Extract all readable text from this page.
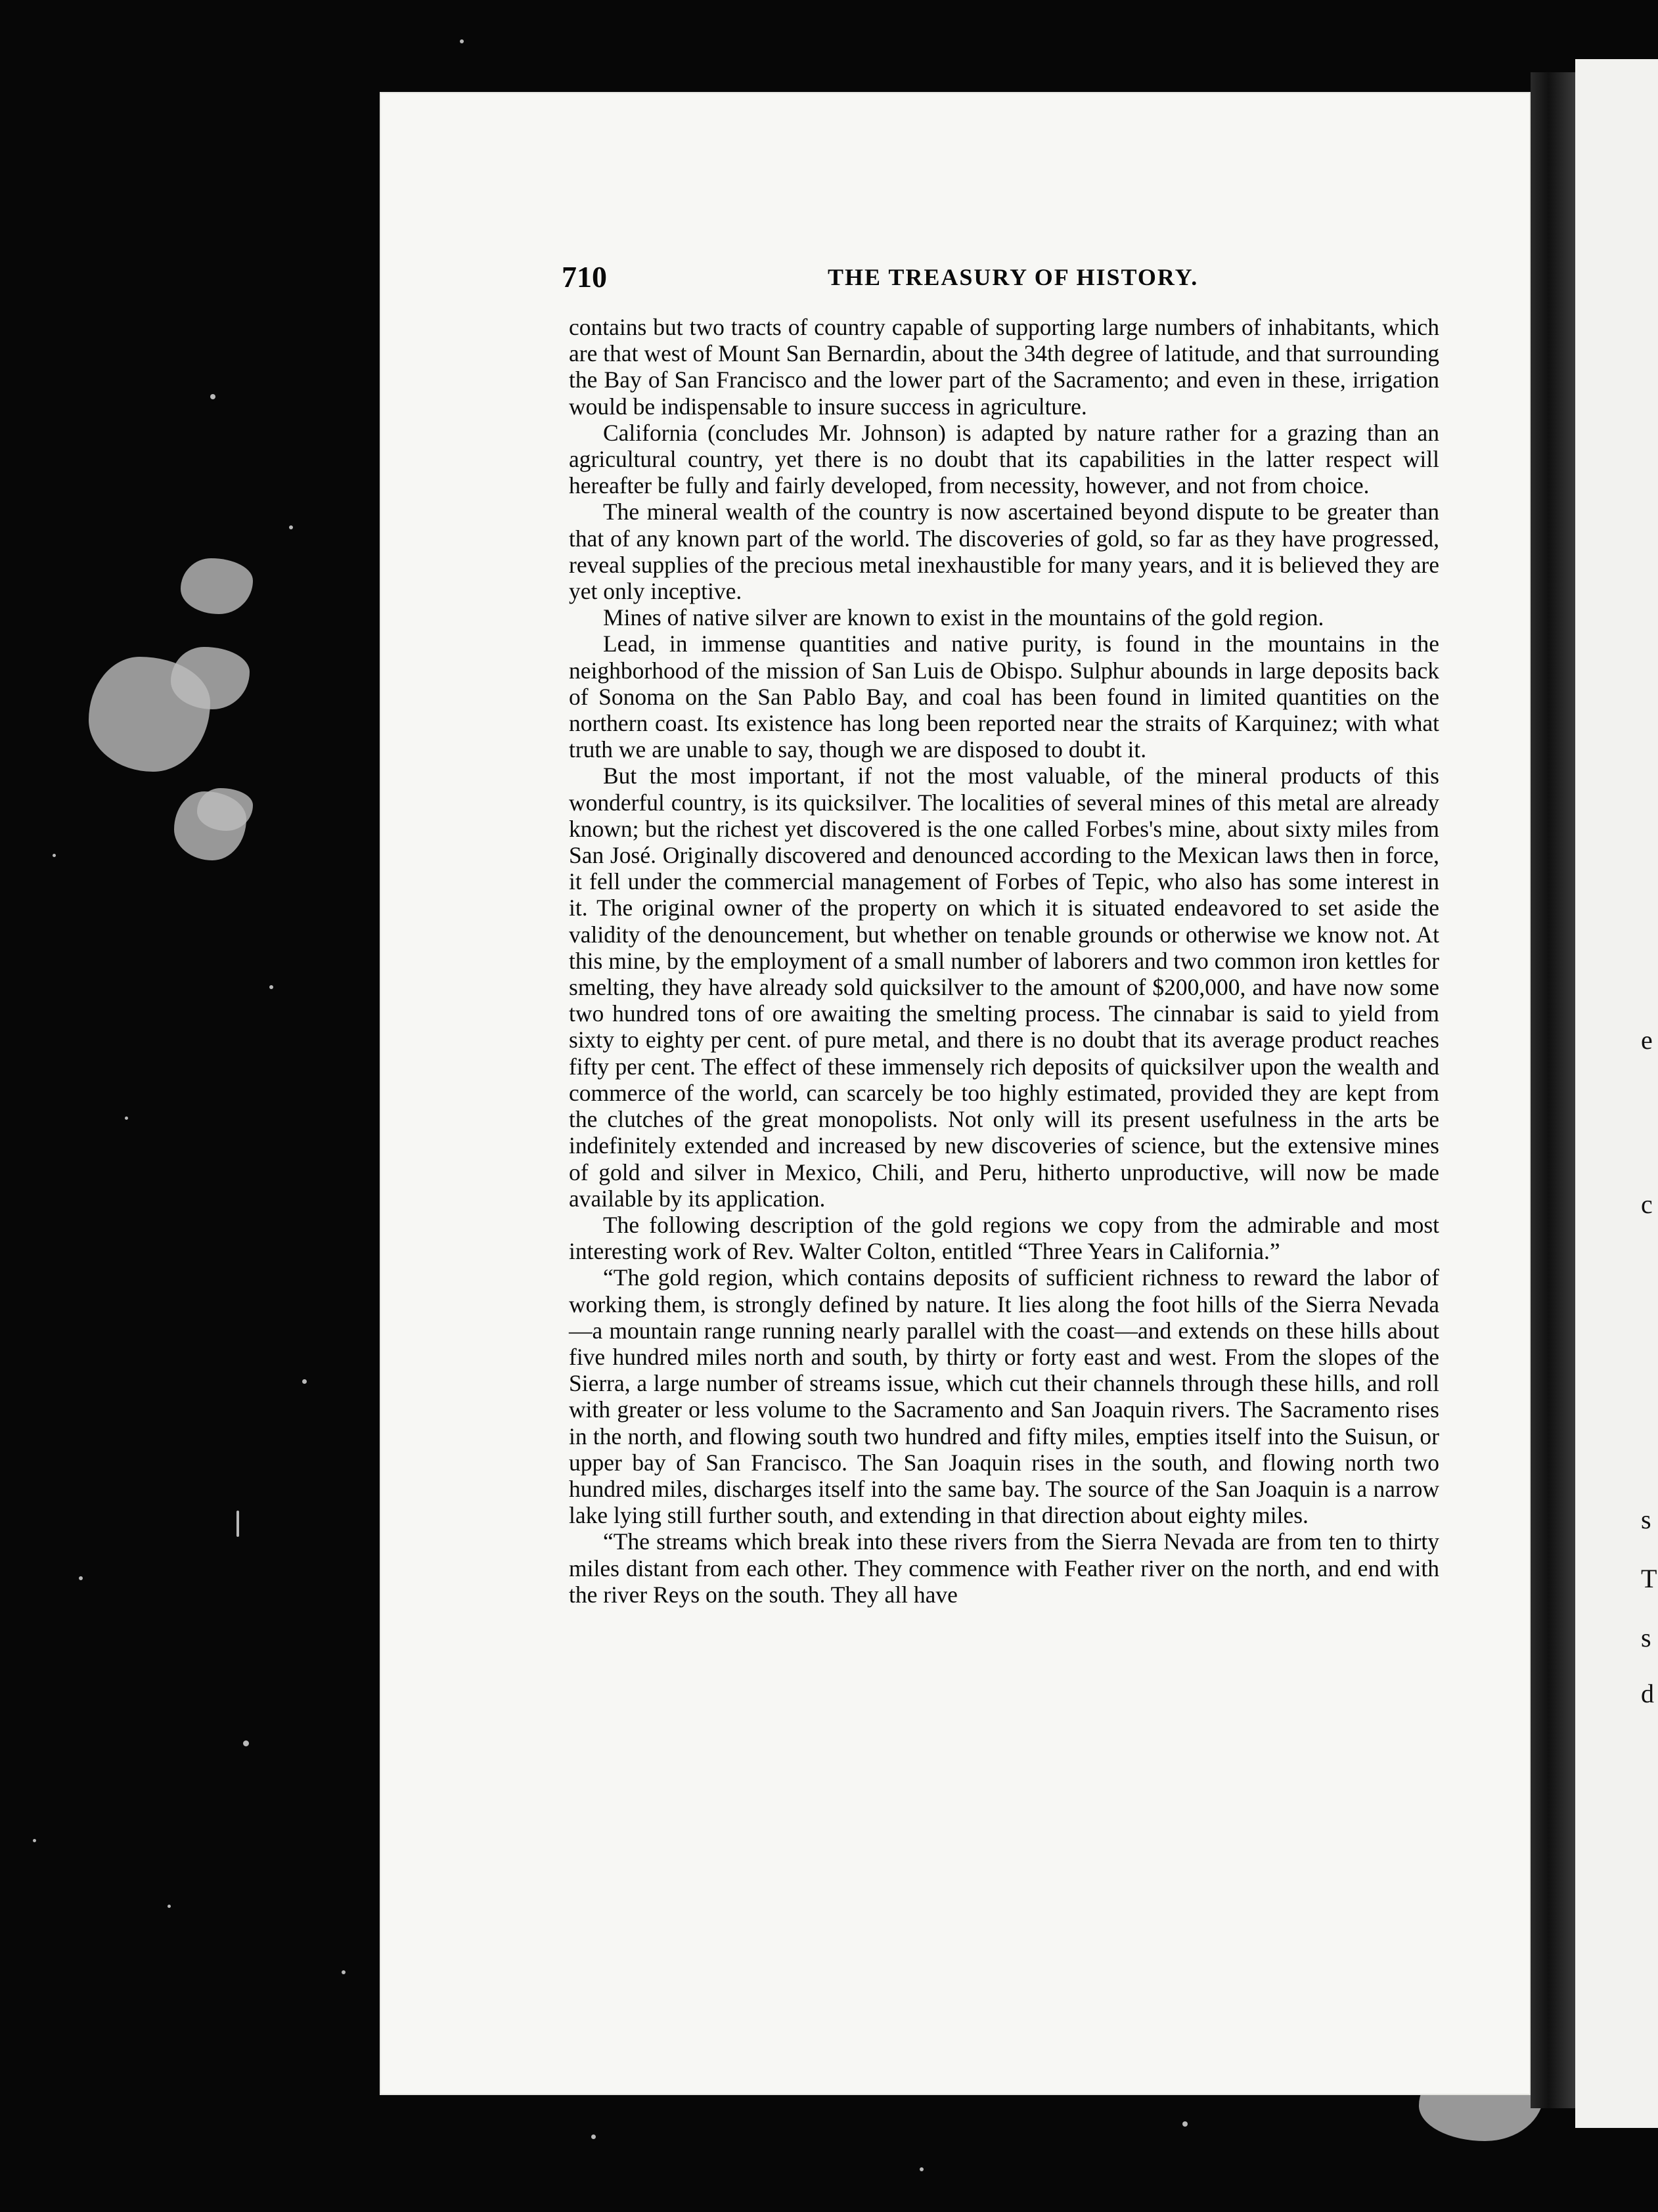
e
c
s
T
s
d
710	THE TREASURY OF HISTORY.

contains but two tracts of country capable of supporting large numbers of inhabitants, which are that west of Mount San Bernardin, about the 34th degree of latitude, and that surrounding the Bay of San Francisco and the lower part of the Sacramento; and even in these, irrigation would be indispensable to insure success in agriculture.

California (concludes Mr. Johnson) is adapted by nature rather for a grazing than an agricultural country, yet there is no doubt that its capabilities in the latter respect will hereafter be fully and fairly developed, from necessity, however, and not from choice.

The mineral wealth of the country is now ascertained beyond dispute to be greater than that of any known part of the world. The discoveries of gold, so far as they have progressed, reveal supplies of the precious metal inexhaustible for many years, and it is believed they are yet only inceptive.

Mines of native silver are known to exist in the mountains of the gold region.

Lead, in immense quantities and native purity, is found in the mountains in the neighborhood of the mission of San Luis de Obispo. Sulphur abounds in large deposits back of Sonoma on the San Pablo Bay, and coal has been found in limited quantities on the northern coast. Its existence has long been reported near the straits of Karquinez; with what truth we are unable to say, though we are disposed to doubt it.

But the most important, if not the most valuable, of the mineral products of this wonderful country, is its quicksilver. The localities of several mines of this metal are already known; but the richest yet discovered is the one called Forbes's mine, about sixty miles from San José. Originally discovered and denounced according to the Mexican laws then in force, it fell under the commercial management of Forbes of Tepic, who also has some interest in it. The original owner of the property on which it is situated endeavored to set aside the validity of the denouncement, but whether on tenable grounds or otherwise we know not. At this mine, by the employment of a small number of laborers and two common iron kettles for smelting, they have already sold quicksilver to the amount of $200,000, and have now some two hundred tons of ore awaiting the smelting process. The cinnabar is said to yield from sixty to eighty per cent. of pure metal, and there is no doubt that its average product reaches fifty per cent. The effect of these immensely rich deposits of quicksilver upon the wealth and commerce of the world, can scarcely be too highly estimated, provided they are kept from the clutches of the great monopolists. Not only will its present usefulness in the arts be indefinitely extended and increased by new discoveries of science, but the extensive mines of gold and silver in Mexico, Chili, and Peru, hitherto unproductive, will now be made available by its application.

The following description of the gold regions we copy from the admirable and most interesting work of Rev. Walter Colton, entitled “Three Years in California.”

“The gold region, which contains deposits of sufficient richness to reward the labor of working them, is strongly defined by nature. It lies along the foot hills of the Sierra Nevada—a mountain range running nearly parallel with the coast—and extends on these hills about five hundred miles north and south, by thirty or forty east and west. From the slopes of the Sierra, a large number of streams issue, which cut their channels through these hills, and roll with greater or less volume to the Sacramento and San Joaquin rivers. The Sacramento rises in the north, and flowing south two hundred and fifty miles, empties itself into the Suisun, or upper bay of San Francisco. The San Joaquin rises in the south, and flowing north two hundred miles, discharges itself into the same bay. The source of the San Joaquin is a narrow lake lying still further south, and extending in that direction about eighty miles.

“The streams which break into these rivers from the Sierra Nevada are from ten to thirty miles distant from each other. They commence with Feather river on the north, and end with the river Reys on the south. They all have
